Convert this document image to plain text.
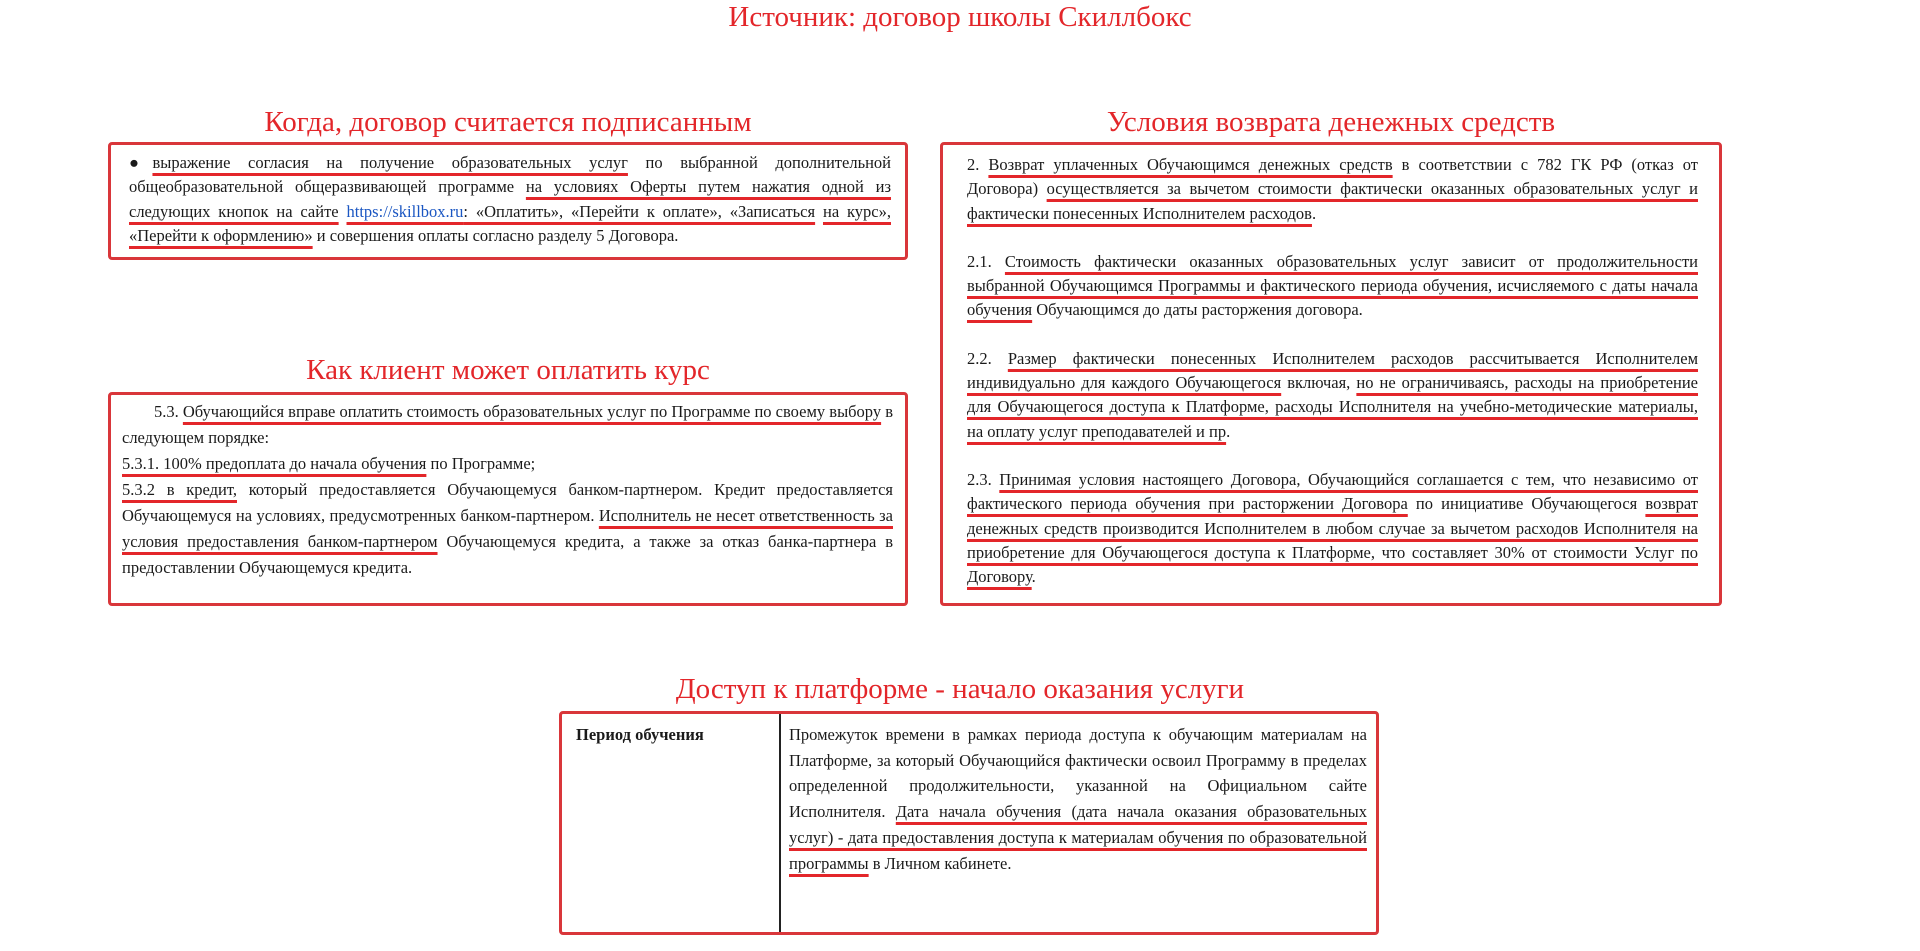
Источник: договор школы Скиллбокс
Когда, договор считается подписанным
●выражение согласия на получение образовательных услуг по выбранной дополнительной общеобразовательной общеразвивающей программе на условиях Оферты путем нажатия одной из следующих кнопок на сайте https://skillbox.ru: «Оплатить», «Перейти к оплате», «Записаться на курс», «Перейти к оформлению» и совершения оплаты согласно разделу 5 Договора.
Как клиент может оплатить курс
5.3. Обучающийся вправе оплатить стоимость образовательных услуг по Программе по своему выбору в следующем порядке:
5.3.1. 100% предоплата до начала обучения по Программе;
5.3.2 в кредит, который предоставляется Обучающемуся банком-партнером. Кредит предоставляется Обучающемуся на условиях, предусмотренных банком-партнером. Исполнитель не несет ответственность за условия предоставления банком-партнером Обучающемуся кредита, а также за отказ банка-партнера в предоставлении Обучающемуся кредита.
Условия возврата денежных средств

2. Возврат уплаченных Обучающимся денежных средств в соответствии с 782 ГК РФ (отказ от Договора) осуществляется за вычетом стоимости фактически оказанных образовательных услуг и фактически понесенных Исполнителем расходов.

2.1. Стоимость фактически оказанных образовательных услуг зависит от продолжительности выбранной Обучающимся Программы и фактического периода обучения, исчисляемого с даты начала обучения Обучающимся до даты расторжения договора.

2.2. Размер фактически понесенных Исполнителем расходов рассчитывается Исполнителем индивидуально для каждого Обучающегося включая, но не ограничиваясь, расходы на приобретение для Обучающегося доступа к Платформе, расходы Исполнителя на учебно-методические материалы, на оплату услуг преподавателей и пр.

2.3. Принимая условия настоящего Договора, Обучающийся соглашается с тем, что независимо от фактического периода обучения при расторжении Договора по инициативе Обучающегося возврат денежных средств производится Исполнителем в любом случае за вычетом расходов Исполнителя на приобретение для Обучающегося доступа к Платформе, что составляет 30% от стоимости Услуг по Договору.

Доступ к платформе - начало оказания услуги
Период обучения	Промежуток времени в рамках периода доступа к обучающим материалам на Платформе, за который Обучающийся фактически освоил Программу в пределах определенной продолжительности, указанной на Официальном сайте Исполнителя. Дата начала обучения (дата начала оказания образовательных услуг) - дата предоставления доступа к материалам обучения по образовательной программы в Личном кабинете.
